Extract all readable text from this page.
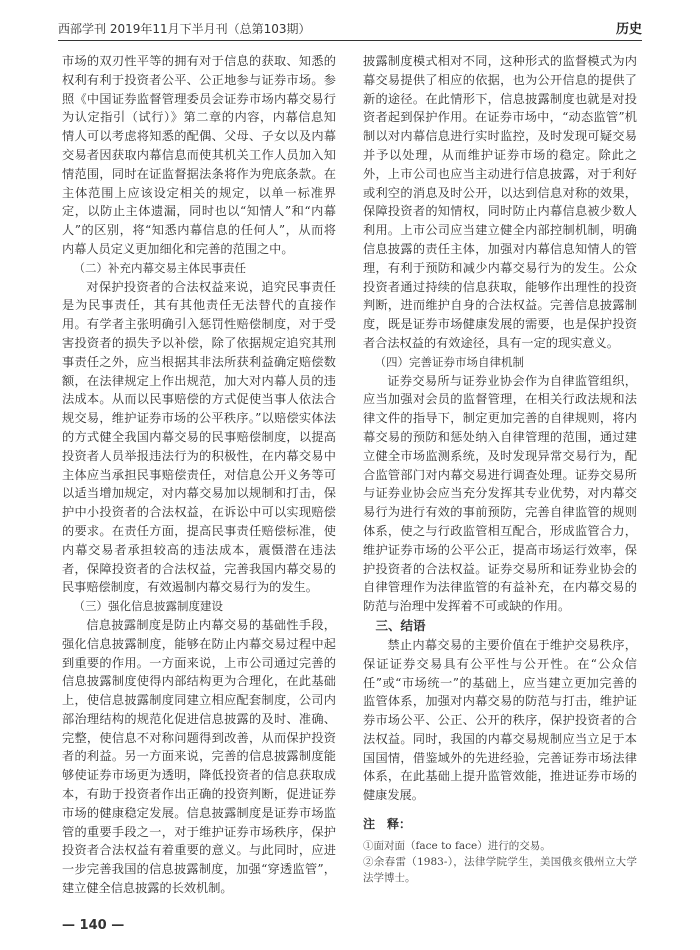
西部学刊 2019年11月下半月刊（总第103期）	历史

市场的双刃性平等的拥有对于信息的获取、知悉的权利有利于投资者公平、公正地参与证券市场。参照《中国证券监督管理委员会证券市场内幕交易行为认定指引（试行）》第二章的内容，内幕信息知情人可以考虑将知悉的配偶、父母、子女以及内幕交易者因获取内幕信息而使其机关工作人员加入知情范围，同时在证监督据法条将作为兜底条款。在主体范围上应该设定相关的规定，以单一标准界定，以防止主体遗漏，同时也以“知情人”和“内幕人”的区别，将“知悉内幕信息的任何人”，从而将内幕人员定义更加细化和完善的范围之中。

（二）补充内幕交易主体民事责任

对保护投资者的合法权益来说，追究民事责任是为民事责任，其有其他责任无法替代的直接作用。有学者主张明确引入惩罚性赔偿制度，对于受害投资者的损失予以补偿，除了依据规定追究其刑事责任之外，应当根据其非法所获利益确定赔偿数额，在法律规定上作出规范，加大对内幕人员的违法成本。从而以民事赔偿的方式促使当事人依法合规交易，维护证券市场的公平秩序。”以赔偿实体法的方式健全我国内幕交易的民事赔偿制度，以提高投资者人员举报违法行为的积极性，在内幕交易中主体应当承担民事赔偿责任，对信息公开义务等可以适当增加规定，对内幕交易加以规制和打击，保护中小投资者的合法权益，在诉讼中可以实现赔偿的要求。在责任方面，提高民事责任赔偿标准，使内幕交易者承担较高的违法成本，震慑潜在违法者，保障投资者的合法权益，完善我国内幕交易的民事赔偿制度，有效遏制内幕交易行为的发生。

（三）强化信息披露制度建设

信息披露制度是防止内幕交易的基础性手段，强化信息披露制度，能够在防止内幕交易过程中起到重要的作用。一方面来说，上市公司通过完善的信息披露制度使得内部结构更为合理化，在此基础上，使信息披露制度同建立相应配套制度，公司内部治理结构的规范化促进信息披露的及时、准确、完整，使信息不对称问题得到改善，从而保护投资者的利益。另一方面来说，完善的信息披露制度能够使证券市场更为透明，降低投资者的信息获取成本，有助于投资者作出正确的投资判断，促进证券市场的健康稳定发展。信息披露制度是证券市场监管的重要手段之一，对于维护证券市场秩序，保护投资者合法权益有着重要的意义。与此同时，应进一步完善我国的信息披露制度，加强“穿透监管”，建立健全信息披露的长效机制。

披露制度模式相对不同，这种形式的监督模式为内幕交易提供了相应的依据，也为公开信息的提供了新的途径。在此情形下，信息披露制度也就是对投资者起到保护作用。在证券市场中，“动态监管”机制以对内幕信息进行实时监控，及时发现可疑交易并予以处理，从而维护证券市场的稳定。除此之外，上市公司也应当主动进行信息披露，对于利好或利空的消息及时公开，以达到信息对称的效果，保障投资者的知情权，同时防止内幕信息被少数人利用。上市公司应当建立健全内部控制机制，明确信息披露的责任主体，加强对内幕信息知情人的管理，有利于预防和减少内幕交易行为的发生。公众投资者通过持续的信息获取，能够作出理性的投资判断，进而维护自身的合法权益。完善信息披露制度，既是证券市场健康发展的需要，也是保护投资者合法权益的有效途径，具有一定的现实意义。

（四）完善证券市场自律机制

证券交易所与证券业协会作为自律监管组织，应当加强对会员的监督管理，在相关行政法规和法律文件的指导下，制定更加完善的自律规则，将内幕交易的预防和惩处纳入自律管理的范围，通过建立健全市场监测系统，及时发现异常交易行为，配合监管部门对内幕交易进行调查处理。证券交易所与证券业协会应当充分发挥其专业优势，对内幕交易行为进行有效的事前预防，完善自律监管的规则体系，使之与行政监管相互配合，形成监管合力，维护证券市场的公平公正，提高市场运行效率，保护投资者的合法权益。证券交易所和证券业协会的自律管理作为法律监管的有益补充，在内幕交易的防范与治理中发挥着不可或缺的作用。

三、结语

禁止内幕交易的主要价值在于维护交易秩序，保证证券交易具有公平性与公开性。在“公众信任”或“市场统一”的基础上，应当建立更加完善的监管体系，加强对内幕交易的防范与打击，维护证券市场公平、公正、公开的秩序，保护投资者的合法权益。同时，我国的内幕交易规制应当立足于本国国情，借鉴域外的先进经验，完善证券市场法律体系，在此基础上提升监管效能，推进证券市场的健康发展。

注　释：
①面对面（face to face）进行的交易。
②余春雷（1983-），法律学院学生，美国俄亥俄州立大学法学博士。
— 140 —
